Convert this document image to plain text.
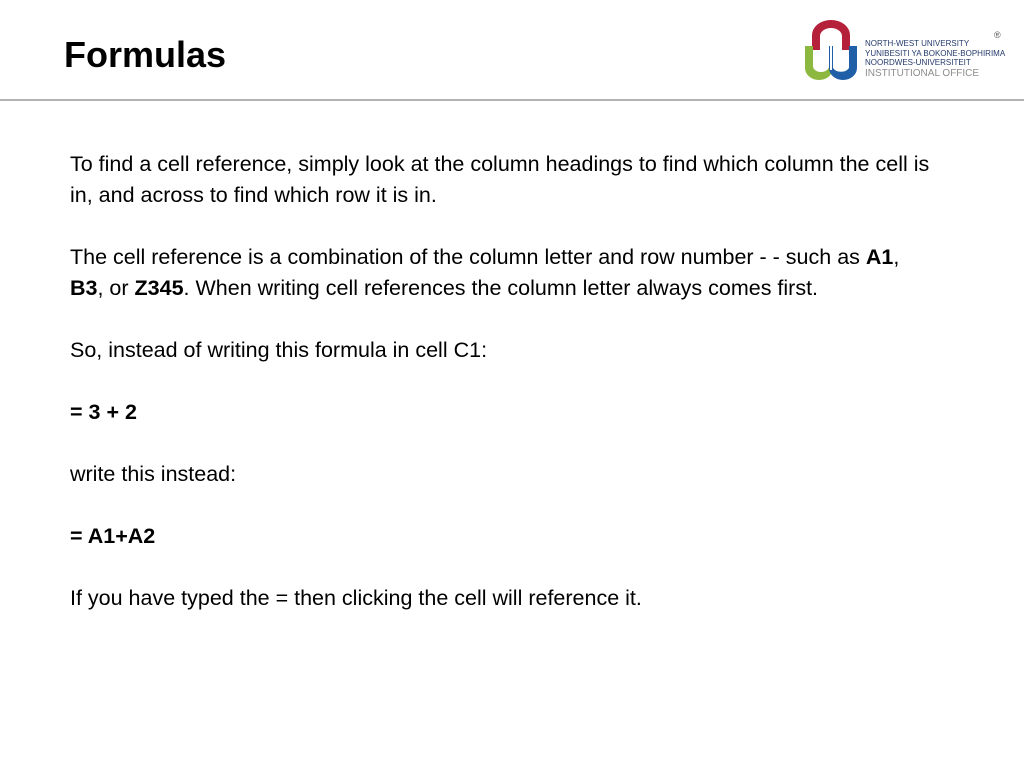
Formulas	NORTH-WEST UNIVERSITY
YUNIBESITI YA BOKONE-BOPHIRIMA
NOORDWES-UNIVERSITEIT
INSTITUTIONAL OFFICE
®

To find a cell reference, simply look at the column headings to find which column the cell is in, and across to find which row it is in.

The cell reference is a combination of the column letter and row number - - such as A1, B3, or Z345. When writing cell references the column letter always comes first.

So, instead of writing this formula in cell C1:

= 3 + 2

write this instead:

= A1+A2

If you have typed the = then clicking the cell will reference it.
